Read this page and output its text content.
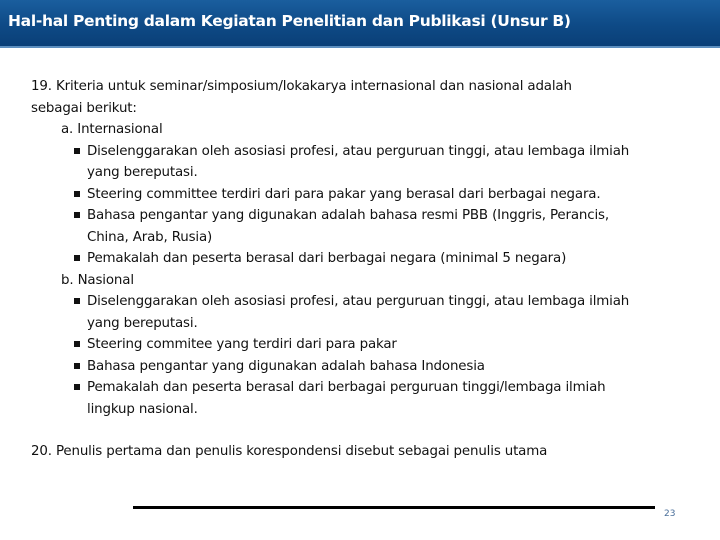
Hal-hal Penting dalam Kegiatan Penelitian dan Publikasi (Unsur B)
19. Kriteria untuk seminar/simposium/lokakarya internasional dan nasional adalah
sebagai berikut:
a. Internasional
Diselenggarakan oleh asosiasi profesi, atau perguruan tinggi, atau lembaga ilmiah
yang bereputasi.
Steering committee terdiri dari para pakar yang berasal dari berbagai negara.
Bahasa pengantar yang digunakan adalah bahasa resmi PBB (Inggris, Perancis,
China, Arab, Rusia)
Pemakalah dan peserta berasal dari berbagai negara (minimal 5 negara)
b. Nasional
Diselenggarakan oleh asosiasi profesi, atau perguruan tinggi, atau lembaga ilmiah
yang bereputasi.
Steering commitee yang terdiri dari para pakar
Bahasa pengantar yang digunakan adalah bahasa Indonesia
Pemakalah dan peserta berasal dari berbagai perguruan tinggi/lembaga ilmiah
lingkup nasional.
20. Penulis pertama dan penulis korespondensi disebut sebagai penulis utama
23
